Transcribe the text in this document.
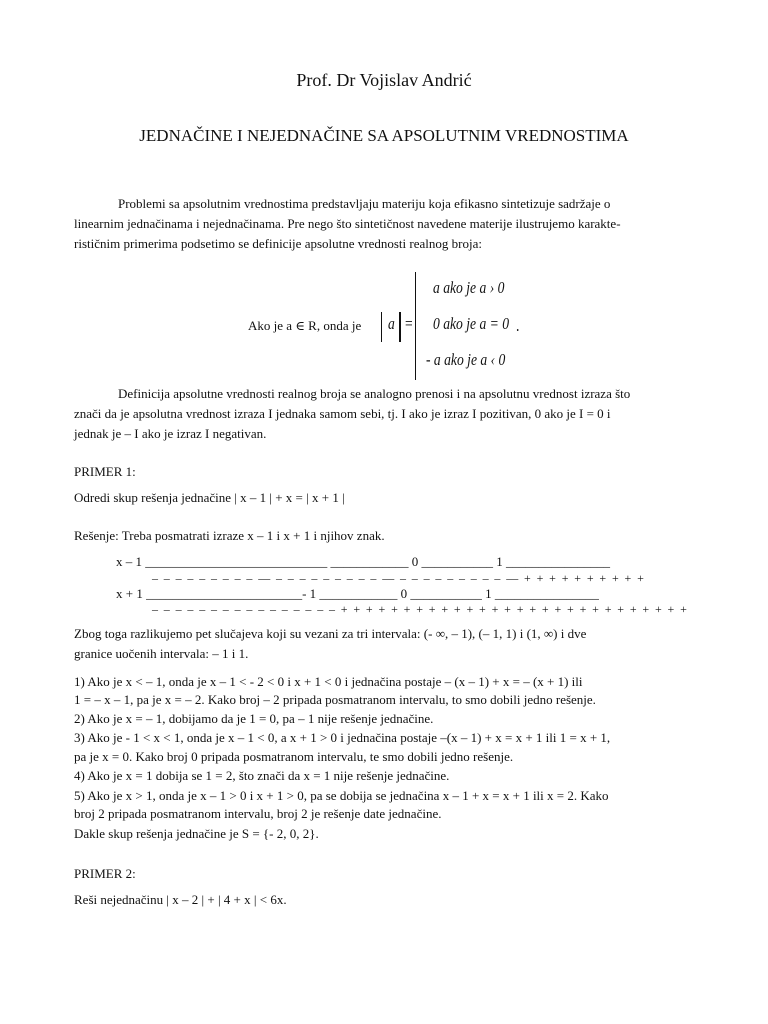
Prof. Dr Vojislav Andrić
JEDNAČINE I NEJEDNAČINE SA APSOLUTNIM VREDNOSTIMA
Problemi sa apsolutnim vrednostima predstavljaju materiju koja efikasno sintetizuje sadržaje o
linearnim jednačinama i nejednačinama. Pre nego što sintetičnost navedene materije ilustrujemo karakte-
rističnim primerima podsetimo se definicije apsolutne vrednosti realnog broja:
Ako je a ∈ R, onda je a =
a ako je a › 0
0 ako je a = 0
- a ako je a ‹ 0
.
Definicija apsolutne vrednosti realnog broja se analogno prenosi i na apsolutnu vrednost izraza što
znači da je apsolutna vrednost izraza I jednaka samom sebi, tj. I ako je izraz I pozitivan, 0 ako je I = 0 i
jednak je – I ako je izraz I negativan.
PRIMER 1:
Odredi skup rešenja jednačine | x – 1 | + x = | x + 1 |
Rešenje: Treba posmatrati izraze x – 1 i x + 1 i njihov znak.
x – 1 ____________________________ ____________ 0 ___________ 1 ________________
– – – – – – – – – — – – – – – – – – – — – – – – – – – – – — + + + + + + + + + +
x + 1 ________________________- 1 ____________ 0 ___________ 1 ________________
– – – – – – – – – – – – – – – – + + + + + + + + + + + + + + + + + + + + + + + + + + + +
Zbog toga razlikujemo pet slučajeva koji su vezani za tri intervala: (- ∞, – 1), (– 1, 1) i (1, ∞) i dve
granice uočenih intervala: – 1 i 1.
1) Ako je x < – 1, onda je x – 1 < - 2 < 0 i x + 1 < 0 i jednačina postaje – (x – 1) + x = – (x + 1) ili
1 = – x – 1, pa je x = – 2. Kako broj – 2 pripada posmatranom intervalu, to smo dobili jedno rešenje.
2) Ako je x = – 1, dobijamo da je 1 = 0, pa – 1 nije rešenje jednačine.
3) Ako je - 1 < x < 1, onda je x – 1 < 0, a x + 1 > 0 i jednačina postaje –(x – 1) + x = x + 1 ili 1 = x + 1,
pa je x = 0. Kako broj 0 pripada posmatranom intervalu, te smo dobili jedno rešenje.
4) Ako je x = 1 dobija se 1 = 2, što znači da x = 1 nije rešenje jednačine.
5) Ako je x > 1, onda je x – 1 > 0 i x + 1 > 0, pa se dobija se jednačina x – 1 + x = x + 1 ili x = 2. Kako
broj 2 pripada posmatranom intervalu, broj 2 je rešenje date jednačine.
Dakle skup rešenja jednačine je S = {- 2, 0, 2}.
PRIMER 2:
Reši nejednačinu | x – 2 | + | 4 + x | < 6x.
